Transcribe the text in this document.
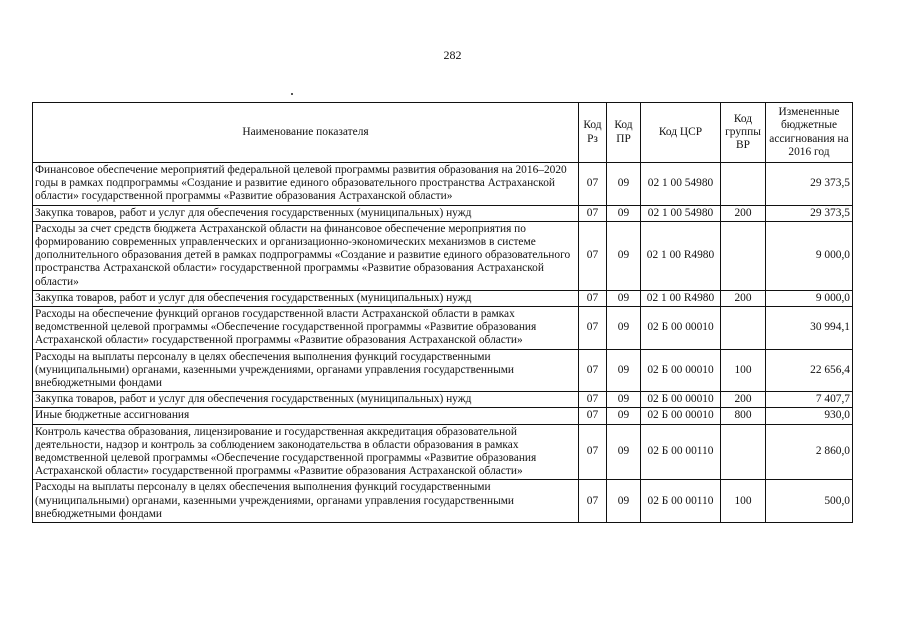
282
Наименование показателя	Код Рз	Код ПР	Код ЦСР	Код группы ВР	Измененные бюджетные ассигнования на 2016 год
Финансовое обеспечение мероприятий федеральной целевой программы развития образования на 2016–2020 годы в рамках подпрограммы «Создание и развитие единого образовательного пространства Астраханской области» государственной программы «Развитие образования Астраханской области»	07	09	02 1 00 54980		29 373,5
Закупка товаров, работ и услуг для обеспечения государственных (муниципальных) нужд	07	09	02 1 00 54980	200	29 373,5
Расходы за счет средств бюджета Астраханской области на финансовое обеспечение мероприятия по формированию современных управленческих и организационно-экономических механизмов в системе дополнительного образования детей в рамках подпрограммы «Создание и развитие единого образовательного пространства Астраханской области» государственной программы «Развитие образования Астраханской области»	07	09	02 1 00 R4980		9 000,0
Закупка товаров, работ и услуг для обеспечения государственных (муниципальных) нужд	07	09	02 1 00 R4980	200	9 000,0
Расходы на обеспечение функций органов государственной власти Астраханской области в рамках ведомственной целевой программы «Обеспечение государственной программы «Развитие образования Астраханской области» государственной программы «Развитие образования Астраханской области»	07	09	02 Б 00 00010		30 994,1
Расходы на выплаты персоналу в целях обеспечения выполнения функций государственными (муниципальными) органами, казенными учреждениями, органами управления государственными внебюджетными фондами	07	09	02 Б 00 00010	100	22 656,4
Закупка товаров, работ и услуг для обеспечения государственных (муниципальных) нужд	07	09	02 Б 00 00010	200	7 407,7
Иные бюджетные ассигнования	07	09	02 Б 00 00010	800	930,0
Контроль качества образования, лицензирование и государственная аккредитация образовательной деятельности, надзор и контроль за соблюдением законодательства в области образования в рамках ведомственной целевой программы «Обеспечение государственной программы «Развитие образования Астраханской области» государственной программы «Развитие образования Астраханской области»	07	09	02 Б 00 00110		2 860,0
Расходы на выплаты персоналу в целях обеспечения выполнения функций государственными (муниципальными) органами, казенными учреждениями, органами управления государственными внебюджетными фондами	07	09	02 Б 00 00110	100	500,0
